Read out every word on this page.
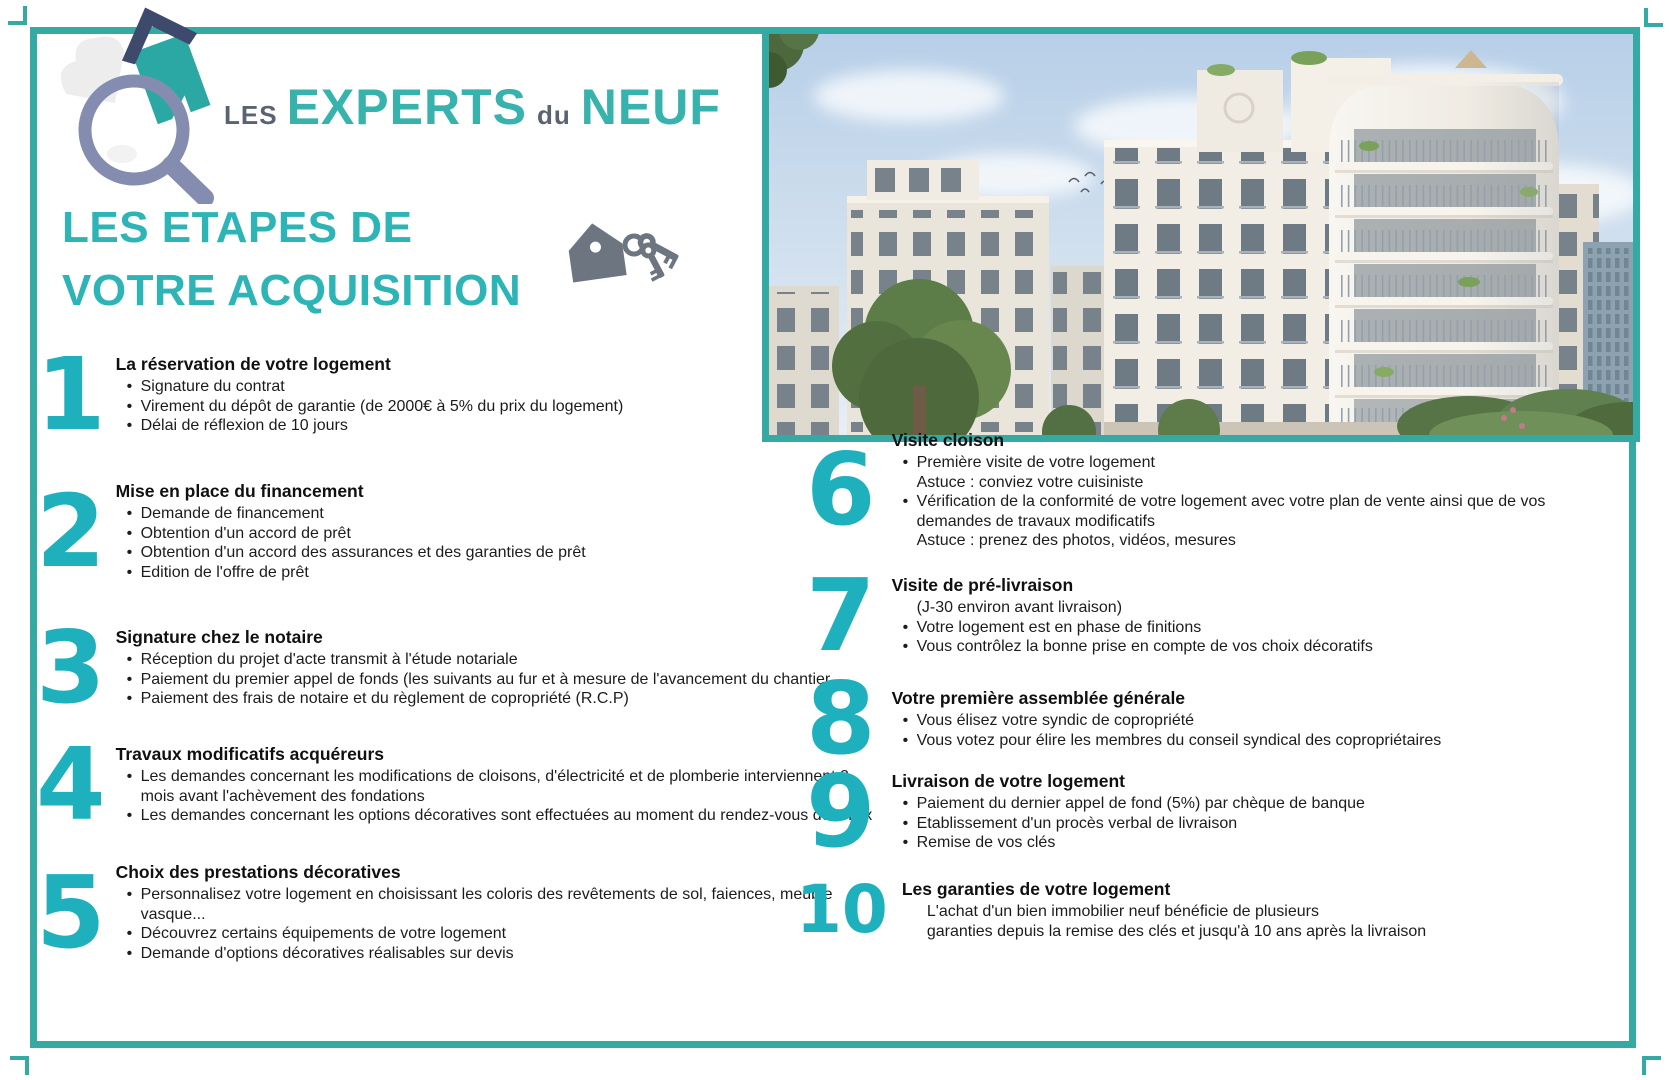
LES EXPERTS du NEUF
LES ETAPES DE
VOTRE ACQUISITION
1 La réservation de votre logement
• Signature du contrat
• Virement du dépôt de garantie (de 2000€ à 5% du prix du logement)
• Délai de réflexion de 10 jours
2 Mise en place du financement
• Demande de financement
• Obtention d'un accord de prêt
• Obtention d'un accord des assurances et des garanties de prêt
• Edition de l'offre de prêt
3 Signature chez le notaire
• Réception du projet d'acte transmit à l'étude notariale
• Paiement du premier appel de fonds (les suivants au fur et à mesure de l'avancement du chantier
• Paiement des frais de notaire et du règlement de copropriété (R.C.P)
4 Travaux modificatifs acquéreurs
• Les demandes concernant les modifications de cloisons, d'électricité et de plomberie interviennent 2
mois avant l'achèvement des fondations
• Les demandes concernant les options décoratives sont effectuées au moment du rendez-vous de choix
5 Choix des prestations décoratives
• Personnalisez votre logement en choisissant les coloris des revêtements de sol, faiences, meuble
vasque...
• Découvrez certains équipements de votre logement
• Demande d'options décoratives réalisables sur devis
6 Visite cloison
• Première visite de votre logement
Astuce : conviez votre cuisiniste
• Vérification de la conformité de votre logement avec votre plan de vente ainsi que de vos
demandes de travaux modificatifs
Astuce : prenez des photos, vidéos, mesures
7 Visite de pré-livraison
(J-30 environ avant livraison)
• Votre logement est en phase de finitions
• Vous contrôlez la bonne prise en compte de vos choix décoratifs
8 Votre première assemblée générale
• Vous élisez votre syndic de copropriété
• Vous votez pour élire les membres du conseil syndical des copropriétaires
9 Livraison de votre logement
• Paiement du dernier appel de fond (5%) par chèque de banque
• Etablissement d'un procès verbal de livraison
• Remise de vos clés
10 Les garanties de votre logement
L'achat d'un bien immobilier neuf bénéficie de plusieurs
garanties depuis la remise des clés et jusqu'à 10 ans après la livraison
